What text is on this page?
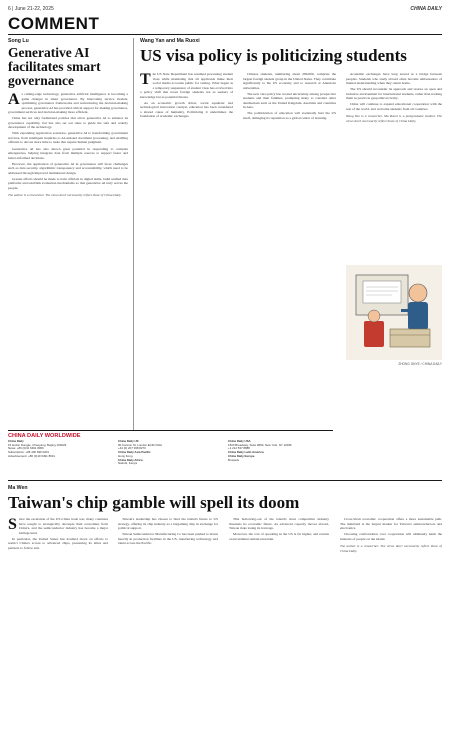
6 | June 21-22, 2025	CHINA DAILY
COMMENT
Song Lu
Generative AI facilitates smart governance
A s cutting-edge technology, generative artificial intelligence is becoming a game changer in smart governance. By innovating service models, optimizing governance frameworks and restructuring the decision-making process, generative AI has provided critical support for making governance, government services and decision-making more efficient.

China has not only formulated policies that allow generative AI to enhance its governance capability, but has also set out rules to guide the safe and orderly development of the technology.

With expanding application scenarios, generative AI is transforming government services, from intelligent inquiries to AI-assisted document processing, and enabling officials to devote more time to tasks that require human judgment.

Generative AI has also shown great potential in responding to complex emergencies, helping integrate data from multiple sources to support faster and better-informed decisions.

However, the application of generative AI in governance still faces challenges such as data security, algorithmic transparency and accountability, which need to be addressed through improved institutional design.

Greater efforts should be made to train officials in digital skills, build unified data platforms and establish evaluation mechanisms so that generative AI truly serves the people.

The author is a researcher. The views don't necessarily reflect those of China Daily.

Wang Yan and Ma Ruoxi
US visa policy is politicizing students
T he US State Department has resumed processing student visas while mandating that all applicants make their social media accounts public for vetting. What began as a temporary suspension of student visas has evolved into a policy shift that treats foreign students not as seekers of knowledge but as potential threats.

As an economic growth driver, social equalizer and technological innovation catalyst, education has been considered a shared cause of humanity. Politicizing it undermines the foundation of academic exchanges.

Chinese students, numbering about 280,000, comprise the largest foreign student group in the United States. They contribute significantly to the US economy and to research at American universities.

The new visa policy has created uncertainty among prospective students and their families, prompting many to consider other destinations such as the United Kingdom, Australia and countries in Asia.

The politicization of education will eventually hurt the US itself, damaging its reputation as a global center of learning.

Academic exchanges have long served as a bridge between peoples. Students who study abroad often become ambassadors of mutual understanding when they return home.

The US should reconsider its approach and restore an open and inclusive environment for international students, rather than treating them as pawns in geopolitical rivalry.

China will continue to expand educational cooperation with the rest of the world, and welcome students from all countries.

Wang Yan is a researcher. Ma Ruoxi is a postgraduate student. The views don't necessarily reflect those of China Daily.

ZHONG JINYE / CHINA DAILY
CHINA DAILY WORLDWIDE
China Daily
15 Huixin Dongjie, Chaoyang, Beijing 100029
News: +86 (0)10 6491 8366
Subscription: +86 400 699 0203
Advertisement: +86 (0)10 6491 8631
China Daily UK
90 Cannon St, London EC4N 6HA
+44 (0) 207 398 8270
China Daily Asia Pacific
Hong Kong
China Daily Africa
Nairobi, Kenya
China Daily USA
1500 Broadway, Suite 2800, New York, NY 10036
+1 212 537 8888
China Daily Latin America
China Daily Europe
Brussels
Ma Wen
Taiwan's chip gamble will spell its doom
S ince the escalation of the US-China trade war, many countries have sought to strategically decouple their economies from China's, and the semiconductor industry has become a major battleground.

In particular, the United States has doubled down on efforts to restrict China's access to advanced chips, pressuring its allies and partners to follow suit.

Taiwan's leadership has chosen to bind the island's future to US strategy, offering its chip industry as a bargaining chip in exchange for political support.

Taiwan Semiconductor Manufacturing Co has been pushed to invest heavily in production facilities in the US, transferring technology and talent across the Pacific.

This hollowing-out of the island's most competitive industry threatens its economic future. As advanced capacity moves abroad, Taiwan risks losing its leverage.

Moreover, the cost of operating in the US is far higher, and returns on investment remain uncertain.

Cross-Strait economic cooperation offers a more sustainable path. The mainland is the largest market for Taiwan's semiconductors and electronics.

Choosing confrontation over cooperation will ultimately harm the interests of people on the island.

The author is a researcher. The views don't necessarily reflect those of China Daily.
